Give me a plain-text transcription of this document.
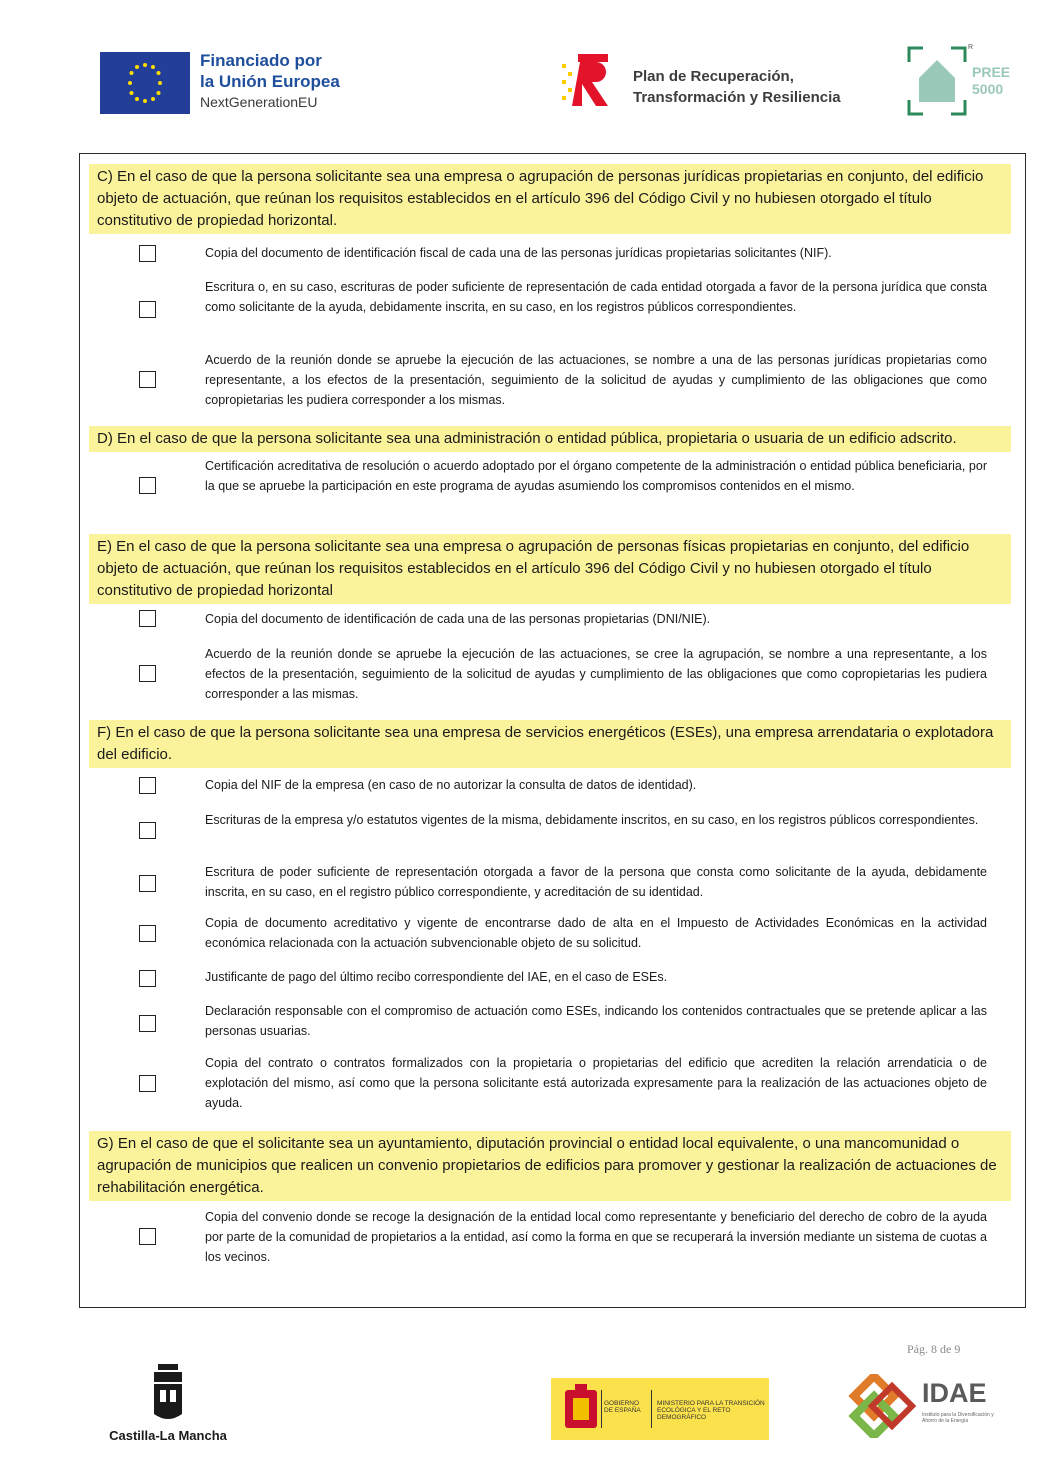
Financiado por
la Unión Europea
NextGenerationEU
Plan de Recuperación,
Transformación y Resiliencia
PREE
5000
R
C) En el caso de que la persona solicitante sea una empresa o agrupación de personas jurídicas propietarias en conjunto, del edificio objeto de actuación, que reúnan los requisitos establecidos en el artículo 396 del Código Civil y no hubiesen otorgado el título constitutivo de propiedad horizontal.
Copia del documento de identificación fiscal de cada una de las personas jurídicas propietarias solicitantes (NIF).
Escritura o, en su caso, escrituras de poder suficiente de representación de cada entidad otorgada a favor de la persona jurídica que consta como solicitante de la ayuda, debidamente inscrita, en su caso, en los registros públicos correspondientes.
Acuerdo de la reunión donde se apruebe la ejecución de las actuaciones, se nombre a una de las personas jurídicas propietarias como representante, a los efectos de la presentación, seguimiento de la solicitud de ayudas y cumplimiento de las obligaciones que como copropietarias les pudiera corresponder a los mismas.
D) En el caso de que la persona solicitante sea una administración o entidad pública, propietaria o usuaria de un edificio adscrito.
Certificación acreditativa de resolución o acuerdo adoptado por el órgano competente de la administración o entidad pública beneficiaria, por la que se apruebe la participación en este programa de ayudas asumiendo los compromisos contenidos en el mismo.
E) En el caso de que la persona solicitante sea una empresa o agrupación de personas físicas propietarias en conjunto, del edificio objeto de actuación, que reúnan los requisitos establecidos en el artículo 396 del Código Civil y no hubiesen otorgado el título constitutivo de propiedad horizontal
Copia del documento de identificación de cada una de las personas propietarias (DNI/NIE).
Acuerdo de la reunión donde se apruebe la ejecución de las actuaciones, se cree la agrupación, se nombre a una representante, a los efectos de la presentación, seguimiento de la solicitud de ayudas y cumplimiento de las obligaciones que como copropietarias les pudiera corresponder a las mismas.
F) En el caso de que la persona solicitante sea una empresa de servicios energéticos (ESEs), una empresa arrendataria o explotadora del edificio.
Copia del NIF de la empresa (en caso de no autorizar la consulta de datos de identidad).
Escrituras de la empresa y/o estatutos vigentes de la misma, debidamente inscritos, en su caso, en los registros públicos correspondientes.
Escritura de poder suficiente de representación otorgada a favor de la persona que consta como solicitante de la ayuda, debidamente inscrita, en su caso, en el registro público correspondiente, y acreditación de su identidad.
Copia de documento acreditativo y vigente de encontrarse dado de alta en el Impuesto de Actividades Económicas en la actividad económica relacionada con la actuación subvencionable objeto de su solicitud.
Justificante de pago del último recibo correspondiente del IAE, en el caso de ESEs.
Declaración responsable con el compromiso de actuación como ESEs, indicando los contenidos contractuales que se pretende aplicar a las personas usuarias.
Copia del contrato o contratos formalizados con la propietaria o propietarias del edificio que acrediten la relación arrendaticia o de explotación del mismo, así como que la persona solicitante está autorizada expresamente para la realización de las actuaciones objeto de ayuda.
G) En el caso de que el solicitante sea un ayuntamiento, diputación provincial o entidad local equivalente, o una mancomunidad o agrupación de municipios que realicen un convenio propietarios de edificios para promover y gestionar la realización de actuaciones de rehabilitación energética.
Copia del convenio donde se recoge la designación de la entidad local como representante y beneficiario del derecho de cobro de la ayuda por parte de la comunidad de propietarios a la entidad, así como la forma en que se recuperará la inversión mediante un sistema de cuotas a los vecinos.
Pág. 8 de 9
Castilla-La Mancha
GOBIERNO DE ESPAÑA
MINISTERIO PARA LA TRANSICIÓN ECOLÓGICA Y EL RETO DEMOGRÁFICO
IDAE
Instituto para la Diversificación y Ahorro de la Energía
